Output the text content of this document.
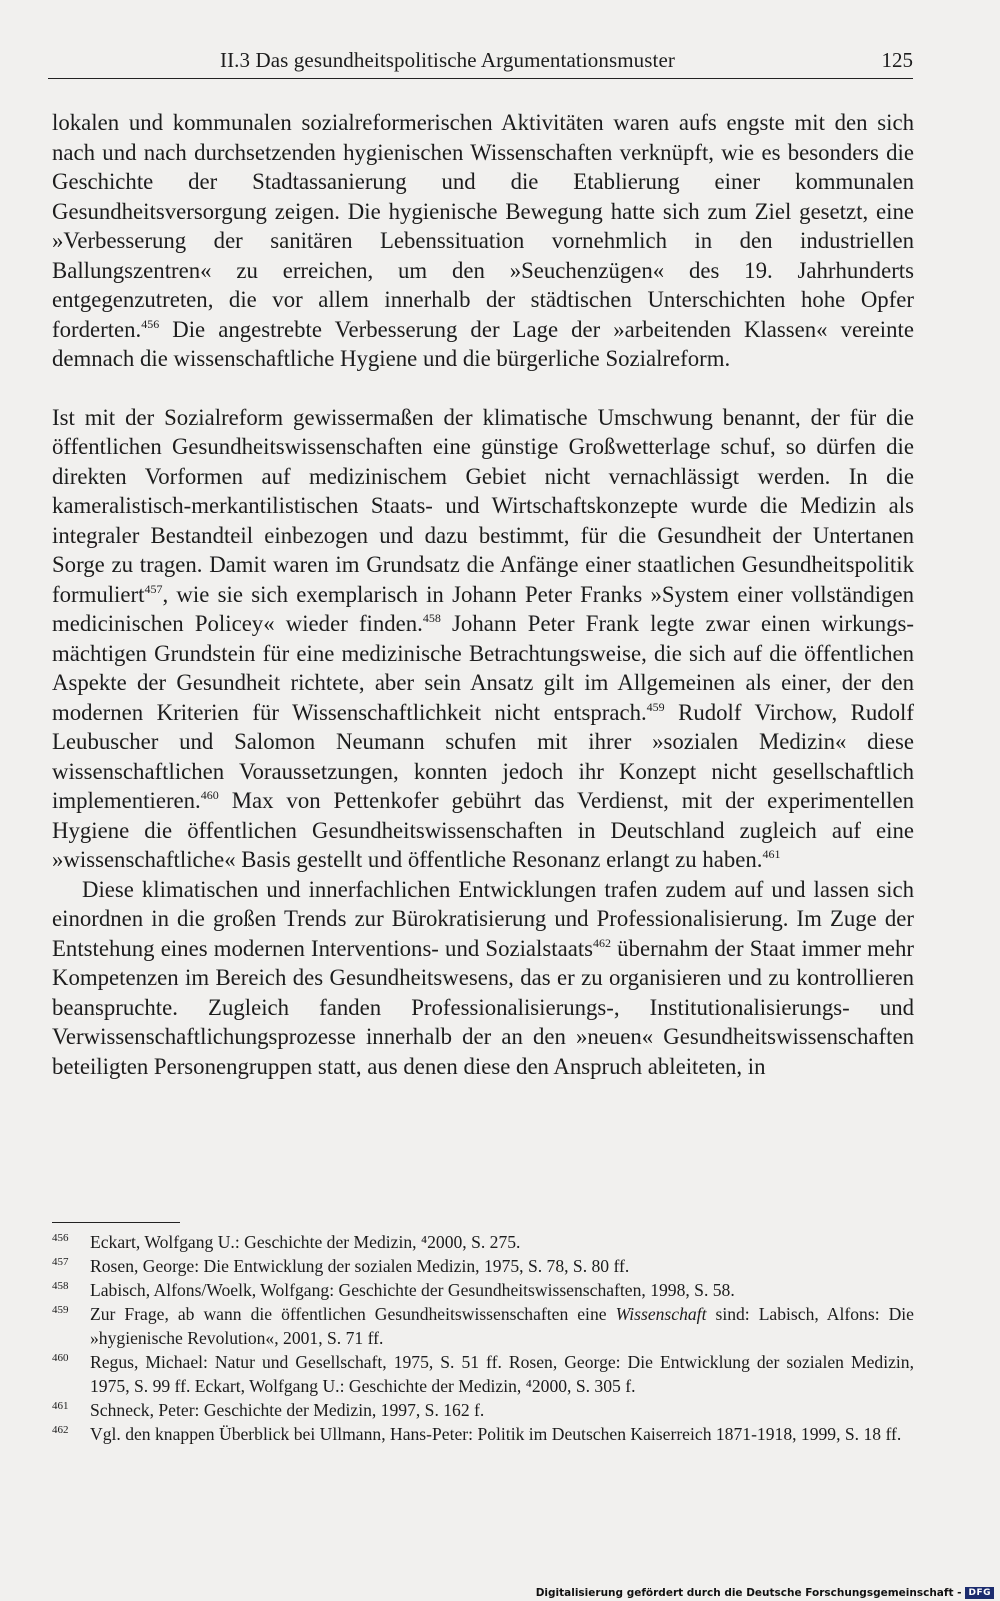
II.3 Das gesundheitspolitische Argumentationsmuster	125

lokalen und kommunalen sozialreformerischen Aktivitäten waren aufs engste mit den sich nach und nach durchsetzenden hygienischen Wissenschaften verknüpft, wie es besonders die Geschichte der Stadtassanierung und die Etablierung einer kommunalen Gesundheitsversorgung zeigen. Die hygienische Bewegung hatte sich zum Ziel gesetzt, eine »Verbesserung der sanitären Lebenssituation vornehmlich in den industriellen Ballungszentren« zu erreichen, um den »Seuchenzügen« des 19. Jahrhunderts entgegenzutreten, die vor allem innerhalb der städtischen Unterschichten hohe Opfer forderten.$^{456}$ Die angestrebte Verbesserung der Lage der »arbeitenden Klassen« vereinte demnach die wissenschaftliche Hygiene und die bürgerliche Sozialreform.

Ist mit der Sozialreform gewissermaßen der klimatische Umschwung benannt, der für die öffentlichen Gesundheitswissenschaften eine günstige Großwetterlage schuf, so dürfen die direkten Vorformen auf medizinischem Gebiet nicht vernachlässigt werden. In die kameralistisch-merkantilistischen Staats- und Wirtschaftskonzepte wurde die Medizin als integraler Bestandteil einbezogen und dazu bestimmt, für die Gesundheit der Untertanen Sorge zu tragen. Damit waren im Grundsatz die Anfänge einer staatlichen Gesundheitspolitik formuliert$^{457}$, wie sie sich exemplarisch in Johann Peter Franks »System einer vollständigen medicinischen Policey« wieder finden.$^{458}$ Johann Peter Frank legte zwar einen wirkungsmächtigen Grundstein für eine medizinische Betrachtungsweise, die sich auf die öffentlichen Aspekte der Gesundheit richtete, aber sein Ansatz gilt im Allgemeinen als einer, der den modernen Kriterien für Wissenschaftlichkeit nicht entsprach.$^{459}$ Rudolf Virchow, Rudolf Leubuscher und Salomon Neumann schufen mit ihrer »sozialen Medizin« diese wissenschaftlichen Voraussetzungen, konnten jedoch ihr Konzept nicht gesellschaftlich implementieren.$^{460}$ Max von Pettenkofer gebührt das Verdienst, mit der experimentellen Hygiene die öffentlichen Gesundheitswissenschaften in Deutschland zugleich auf eine »wissenschaftliche« Basis gestellt und öffentliche Resonanz erlangt zu haben.$^{461}$

Diese klimatischen und innerfachlichen Entwicklungen trafen zudem auf und lassen sich einordnen in die großen Trends zur Bürokratisierung und Professionalisierung. Im Zuge der Entstehung eines modernen Interventions- und Sozialstaats$^{462}$ übernahm der Staat immer mehr Kompetenzen im Bereich des Gesundheitswesens, das er zu organisieren und zu kontrollieren beanspruchte. Zugleich fanden Professionalisierungs-, Institutionalisierungs- und Verwissenschaftlichungsprozesse innerhalb der an den »neuen« Gesundheitswissenschaften beteiligten Personengruppen statt, aus denen diese den Anspruch ableiteten, in

456 Eckart, Wolfgang U.: Geschichte der Medizin, ⁴2000, S. 275.
457 Rosen, George: Die Entwicklung der sozialen Medizin, 1975, S. 78, S. 80 ff.
458 Labisch, Alfons/Woelk, Wolfgang: Geschichte der Gesundheitswissenschaften, 1998, S. 58.
459 Zur Frage, ab wann die öffentlichen Gesundheitswissenschaften eine Wissenschaft sind: Labisch, Alfons: Die »hygienische Revolution«, 2001, S. 71 ff.
460 Regus, Michael: Natur und Gesellschaft, 1975, S. 51 ff. Rosen, George: Die Entwicklung der sozialen Medizin, 1975, S. 99 ff. Eckart, Wolfgang U.: Geschichte der Medizin, ⁴2000, S. 305 f.
461 Schneck, Peter: Geschichte der Medizin, 1997, S. 162 f.
462 Vgl. den knappen Überblick bei Ullmann, Hans-Peter: Politik im Deutschen Kaiserreich 1871-1918, 1999, S. 18 ff.
Digitalisierung gefördert durch die Deutsche Forschungsgemeinschaft - DFG
